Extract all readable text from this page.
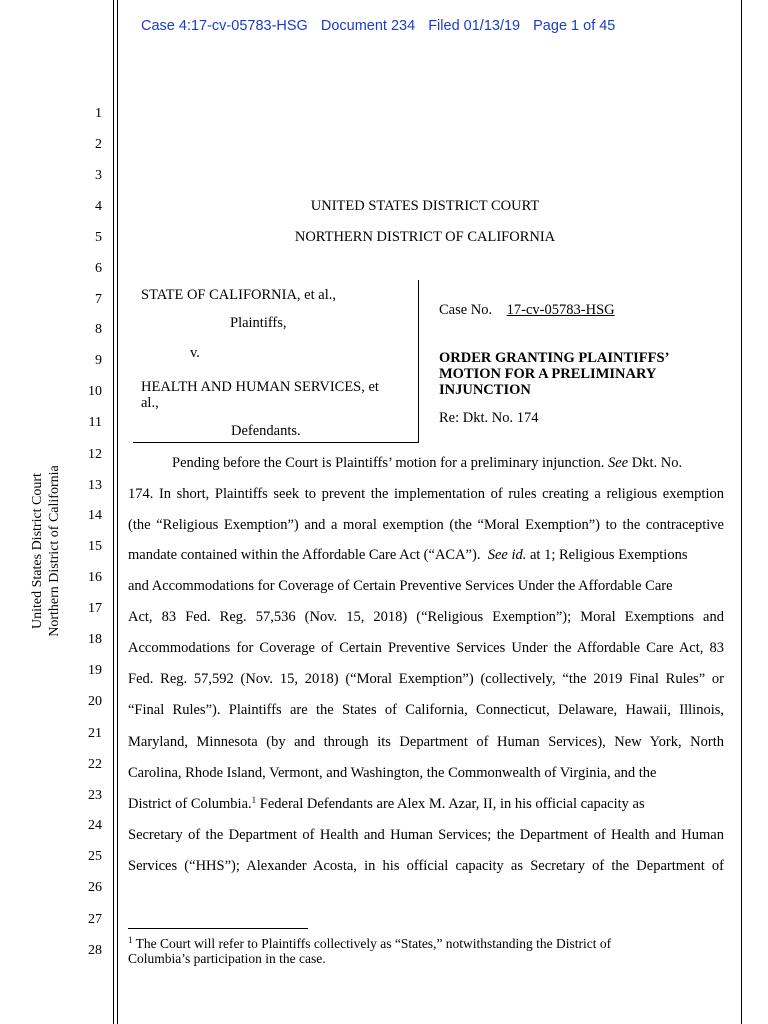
Case 4:17-cv-05783-HSG Document 234 Filed 01/13/19 Page 1 of 45
United States District Court Northern District of California
1
2
3
4
5
6
7
8
9
10
11
12
13
14
15
16
17
18
19
20
21
22
23
24
25
26
27
28
UNITED STATES DISTRICT COURT
NORTHERN DISTRICT OF CALIFORNIA
STATE OF CALIFORNIA, et al.,
Plaintiffs,
v.
HEALTH AND HUMAN SERVICES, et
al.,
Defendants.
Case No. 17-cv-05783-HSG
ORDER GRANTING PLAINTIFFS’
MOTION FOR A PRELIMINARY
INJUNCTION
Re: Dkt. No. 174
Pending before the Court is Plaintiffs’ motion for a preliminary injunction. See Dkt. No.
174. In short, Plaintiffs seek to prevent the implementation of rules creating a religious exemption
(the “Religious Exemption”) and a moral exemption (the “Moral Exemption”) to the contraceptive
mandate contained within the Affordable Care Act (“ACA”). See id. at 1; Religious Exemptions
and Accommodations for Coverage of Certain Preventive Services Under the Affordable Care
Act, 83 Fed. Reg. 57,536 (Nov. 15, 2018) (“Religious Exemption”); Moral Exemptions and
Accommodations for Coverage of Certain Preventive Services Under the Affordable Care Act, 83
Fed. Reg. 57,592 (Nov. 15, 2018) (“Moral Exemption”) (collectively, “the 2019 Final Rules” or
“Final Rules”). Plaintiffs are the States of California, Connecticut, Delaware, Hawaii, Illinois,
Maryland, Minnesota (by and through its Department of Human Services), New York, North
Carolina, Rhode Island, Vermont, and Washington, the Commonwealth of Virginia, and the
District of Columbia.$^1$ Federal Defendants are Alex M. Azar, II, in his official capacity as
Secretary of the Department of Health and Human Services; the Department of Health and Human
Services (“HHS”); Alexander Acosta, in his official capacity as Secretary of the Department of
$^1$ The Court will refer to Plaintiffs collectively as “States,” notwithstanding the District of
Columbia’s participation in the case.
